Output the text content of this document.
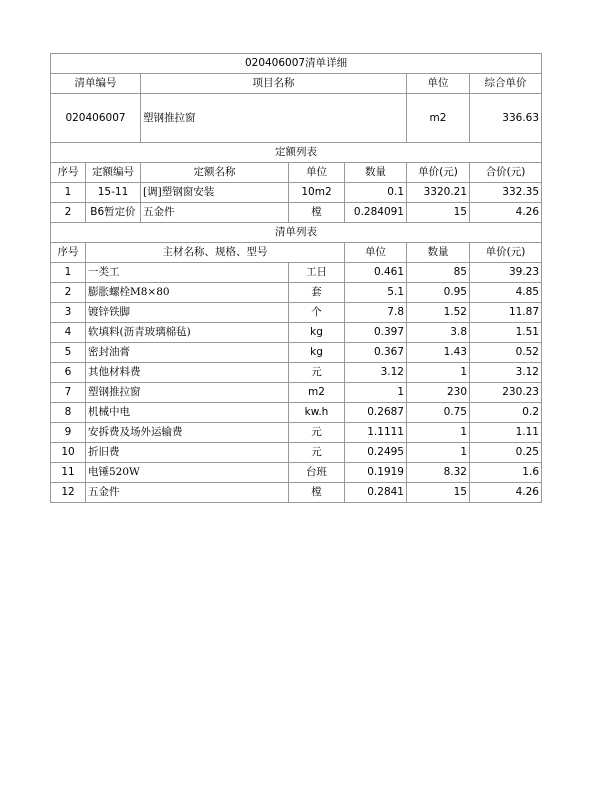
020406007清单详细							
清单编号		项目名称			单位	综合单价	
020406007		塑钢推拉窗			m2	336.63	
定额列表							
序号	定额编号	定额名称	单位	数量	单价(元)	合价(元)	
1	15-11	[调]塑钢窗安装	10m2	0.1	3320.21	332.35	
2	B6暂定价	五金件	樘	0.284091	15	4.26	
清单列表							
序号	主材名称、规格、型号			单位	数量	单价(元)	
1	一类工	工日	0.461	85	39.23
2	膨胀螺栓M8×80	套	5.1	0.95	4.85
3	镀锌铁脚	个	7.8	1.52	11.87
4	软填料(沥青玻璃棉毡)	kg	0.397	3.8	1.51
5	密封油膏	kg	0.367	1.43	0.52
6	其他材料费	元	3.12	1	3.12
7	塑钢推拉窗	m2	1	230	230.23
8	机械中电	kw.h	0.2687	0.75	0.2
9	安拆费及场外运输费	元	1.1111	1	1.11
10	折旧费	元	0.2495	1	0.25
11	电锤520W	台班	0.1919	8.32	1.6
12	五金件	樘	0.2841	15	4.26
